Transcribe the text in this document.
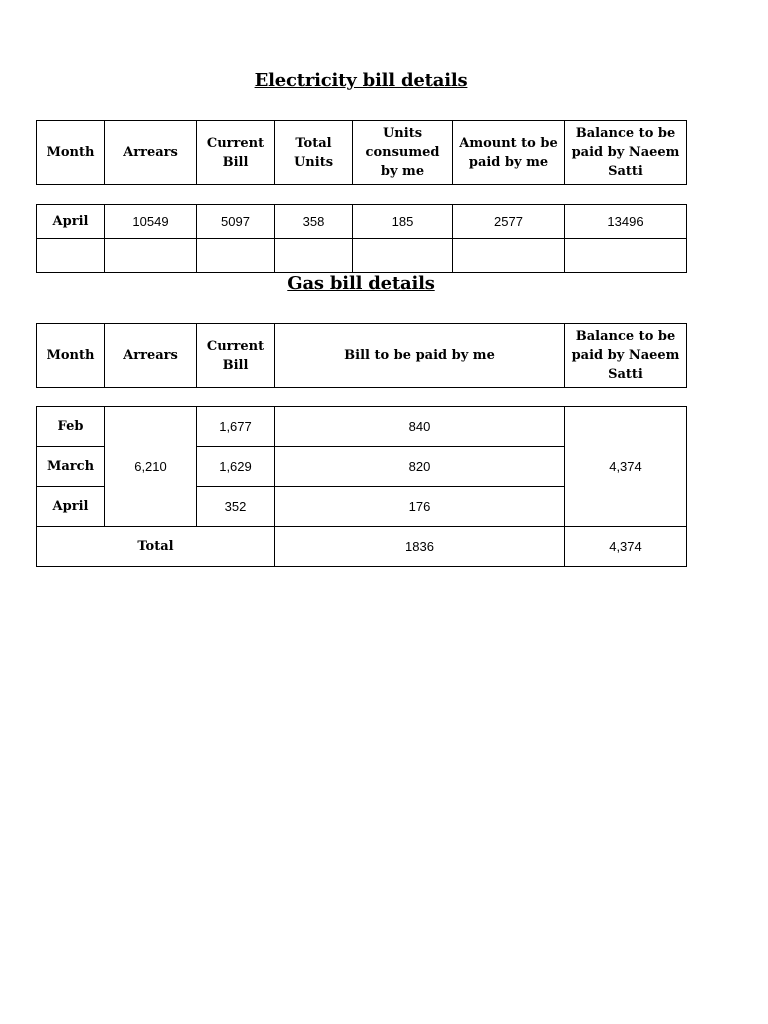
Electricity bill details
Month	Arrears	Current Bill	Total Units	Units consumed by me	Amount to be paid by me	Balance to be paid by Naeem Satti
April	10549	5097	358	185	2577	13496

Gas bill details
Month	Arrears	Current Bill	Bill to be paid by me	Balance to be paid by Naeem Satti
Feb	6,210	1,677	840	4,374
March		1,629	820	
April		352	176	
Total			1836	4,374
